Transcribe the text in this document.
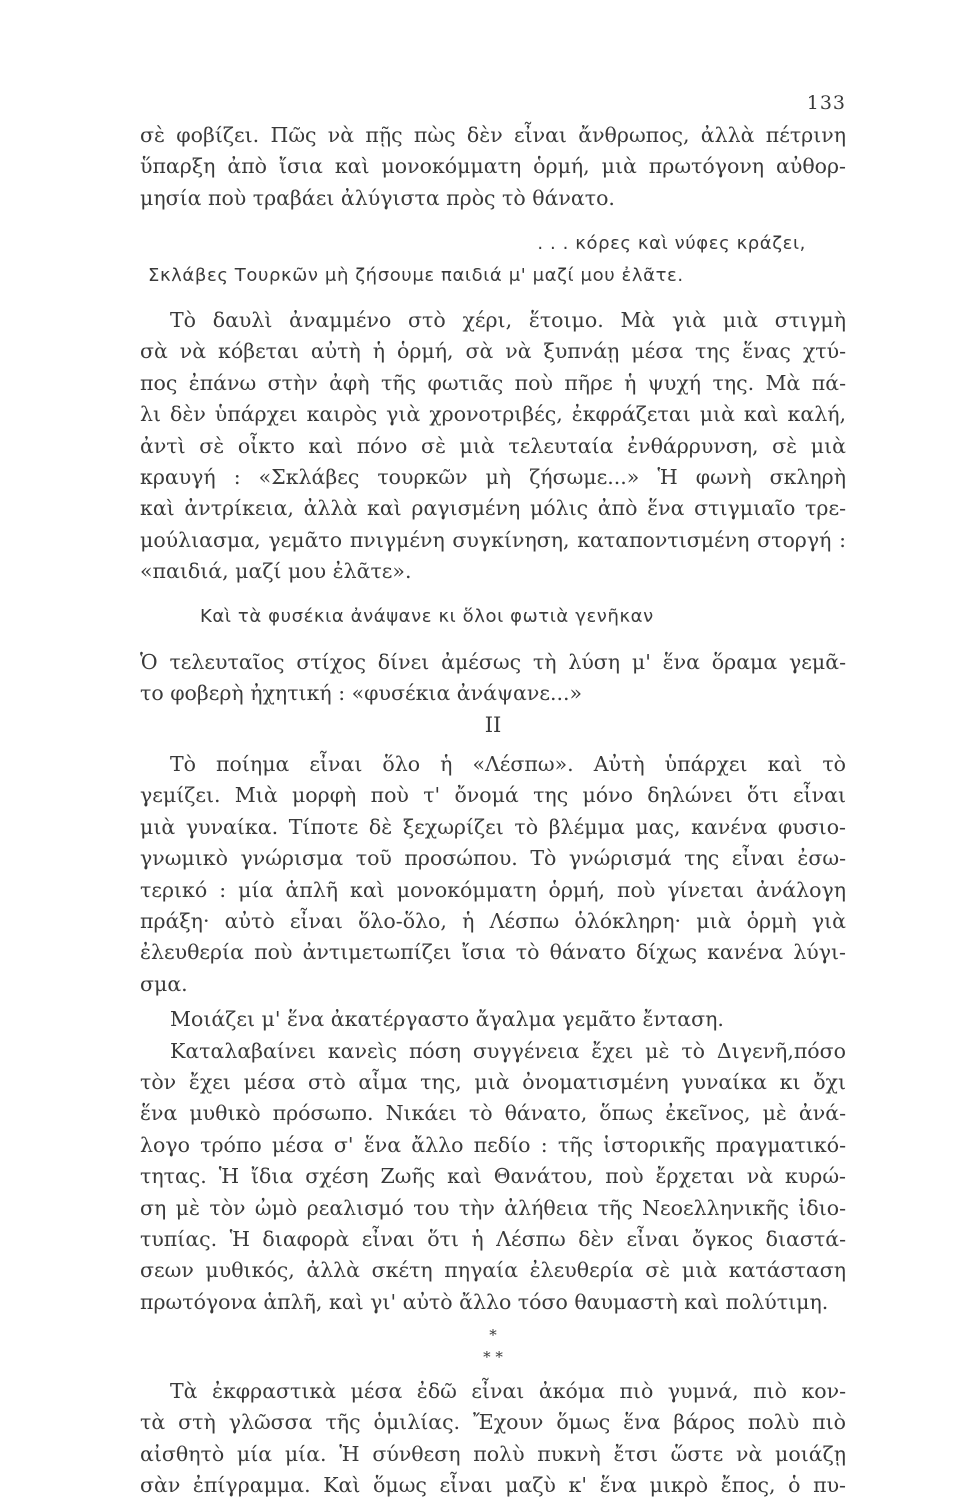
133
σὲ φοβίζει. Πῶς νὰ πῇς πὼς δὲν εἶναι ἄνθρωπος, ἀλλὰ πέτρινη
ὕπαρξη ἀπὸ ἴσια καὶ μονοκόμματη ὁρμή, μιὰ πρωτόγονη αὐθορ-
μησία ποὺ τραβάει ἀλύγιστα πρὸς τὸ θάνατο.
. . . κόρες καὶ νύφες κράζει,
Σκλάβες Τουρκῶν μὴ ζήσουμε παιδιά μ' μαζί μου ἐλᾶτε.
Τὸ δαυλὶ ἀναμμένο στὸ χέρι, ἕτοιμο. Μὰ γιὰ μιὰ στιγμὴ
σὰ νὰ κόβεται αὐτὴ ἡ ὁρμή, σὰ νὰ ξυπνάῃ μέσα της ἕνας χτύ-
πος ἐπάνω στὴν ἀφὴ τῆς φωτιᾶς ποὺ πῆρε ἡ ψυχή της. Μὰ πά-
λι δὲν ὑπάρχει καιρὸς γιὰ χρονοτριβές, ἐκφράζεται μιὰ καὶ καλή,
ἀντὶ σὲ οἶκτο καὶ πόνο σὲ μιὰ τελευταία ἐνθάρρυνση, σὲ μιὰ
κραυγή : «Σκλάβες τουρκῶν μὴ ζήσωμε...» Ἡ φωνὴ σκληρὴ
καὶ ἀντρίκεια, ἀλλὰ καὶ ραγισμένη μόλις ἀπὸ ἕνα στιγμιαῖο τρε-
μούλιασμα, γεμᾶτο πνιγμένη συγκίνηση, καταποντισμένη στοργή :
«παιδιά, μαζί μου ἐλᾶτε».
Καὶ τὰ φυσέκια ἀνάψανε κι ὅλοι φωτιὰ γενῆκαν
Ὁ τελευταῖος στίχος δίνει ἀμέσως τὴ λύση μ' ἕνα ὅραμα γεμᾶ-
το φοβερὴ ἠχητική : «φυσέκια ἀνάψανε...»
II
Τὸ ποίημα εἶναι ὅλο ἡ «Λέσπω». Αὐτὴ ὑπάρχει καὶ τὸ
γεμίζει. Μιὰ μορφὴ ποὺ τ' ὄνομά της μόνο δηλώνει ὅτι εἶναι
μιὰ γυναίκα. Τίποτε δὲ ξεχωρίζει τὸ βλέμμα μας, κανένα φυσιο-
γνωμικὸ γνώρισμα τοῦ προσώπου. Τὸ γνώρισμά της εἶναι ἐσω-
τερικό : μία ἁπλῆ καὶ μονοκόμματη ὁρμή, ποὺ γίνεται ἀνάλογη
πράξη· αὐτὸ εἶναι ὅλο-ὅλο, ἡ Λέσπω ὁλόκληρη· μιὰ ὁρμὴ γιὰ
ἐλευθερία ποὺ ἀντιμετωπίζει ἴσια τὸ θάνατο δίχως κανένα λύγι-
σμα.
Μοιάζει μ' ἕνα ἀκατέργαστο ἄγαλμα γεμᾶτο ἔνταση.
Καταλαβαίνει κανεὶς πόση συγγένεια ἔχει μὲ τὸ Διγενῆ,πόσο
τὸν ἔχει μέσα στὸ αἷμα της, μιὰ ὀνοματισμένη γυναίκα κι ὄχι
ἕνα μυθικὸ πρόσωπο. Νικάει τὸ θάνατο, ὅπως ἐκεῖνος, μὲ ἀνά-
λογο τρόπο μέσα σ' ἕνα ἄλλο πεδίο : τῆς ἱστορικῆς πραγματικό-
τητας. Ἡ ἴδια σχέση Ζωῆς καὶ Θανάτου, ποὺ ἔρχεται νὰ κυρώ-
ση μὲ τὸν ὠμὸ ρεαλισμό του τὴν ἀλήθεια τῆς Νεοελληνικῆς ἰδιο-
τυπίας. Ἡ διαφορὰ εἶναι ὅτι ἡ Λέσπω δὲν εἶναι ὄγκος διαστά-
σεων μυθικός, ἀλλὰ σκέτη πηγαία ἐλευθερία σὲ μιὰ κατάσταση
πρωτόγονα ἁπλῆ, καὶ γι' αὐτὸ ἄλλο τόσο θαυμαστὴ καὶ πολύτιμη.
*
* *
Τὰ ἐκφραστικὰ μέσα ἐδῶ εἶναι ἀκόμα πιὸ γυμνά, πιὸ κον-
τὰ στὴ γλῶσσα τῆς ὁμιλίας. Ἔχουν ὅμως ἕνα βάρος πολὺ πιὸ
αἰσθητὸ μία μία. Ἡ σύνθεση πολὺ πυκνὴ ἔτσι ὥστε νὰ μοιάζῃ
σὰν ἐπίγραμμα. Καὶ ὅμως εἶναι μαζὺ κ' ἕνα μικρὸ ἔπος, ὁ πυ-
